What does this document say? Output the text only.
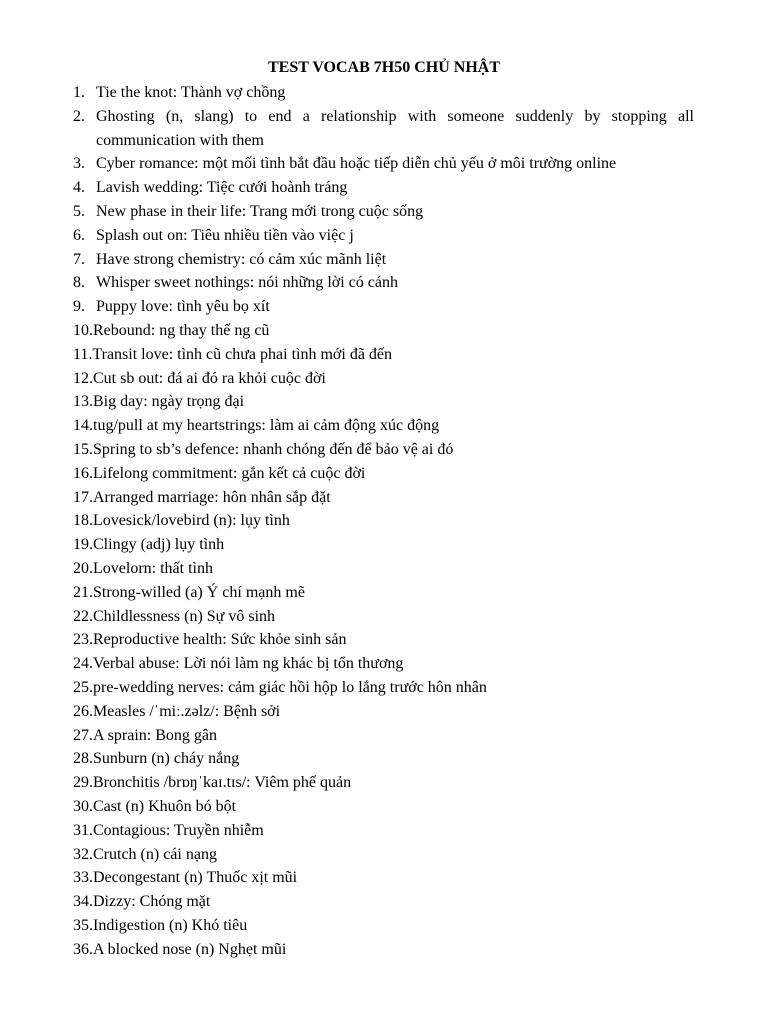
TEST VOCAB 7H50 CHỦ NHẬT
1. Tie the knot: Thành vợ chồng
2. Ghosting (n, slang) to end a relationship with someone suddenly by stopping all communication with them
3. Cyber romance: một mối tình bắt đầu hoặc tiếp diễn chủ yếu ở môi trường online
4. Lavish wedding: Tiệc cưới hoành tráng
5. New phase in their life: Trang mới trong cuộc sống
6. Splash out on: Tiêu nhiều tiền vào việc j
7. Have strong chemistry: có cảm xúc mãnh liệt
8. Whisper sweet nothings: nói những lời có cánh
9. Puppy love: tình yêu bọ xít
10. Rebound: ng thay thế ng cũ
11. Transit love: tình cũ chưa phai tình mới đã đến
12. Cut sb out: đá ai đó ra khỏi cuộc đời
13. Big day: ngày trọng đại
14. tug/pull at my heartstrings: làm ai cảm động xúc động
15. Spring to sb’s defence: nhanh chóng đến để bảo vệ ai đó
16. Lifelong commitment: gắn kết cả cuộc đời
17. Arranged marriage: hôn nhân sắp đặt
18. Lovesick/lovebird (n): lụy tình
19. Clingy (adj) lụy tình
20. Lovelorn: thất tình
21. Strong-willed (a) Ý chí mạnh mẽ
22. Childlessness (n) Sự vô sinh
23. Reproductive health: Sức khỏe sinh sản
24. Verbal abuse: Lời nói làm ng khác bị tổn thương
25. pre-wedding nerves: cảm giác hồi hộp lo lắng trước hôn nhân
26. Measles /ˈmiː.zəlz/: Bệnh sởi
27. A sprain: Bong gân
28. Sunburn (n) cháy nắng
29. Bronchitis /brɒŋˈkaɪ.tɪs/: Viêm phế quản
30. Cast (n) Khuôn bó bột
31. Contagious: Truyền nhiễm
32. Crutch (n) cái nạng
33. Decongestant (n) Thuốc xịt mũi
34. Dizzy: Chóng mặt
35. Indigestion (n) Khó tiêu
36. A blocked nose (n) Nghẹt mũi
